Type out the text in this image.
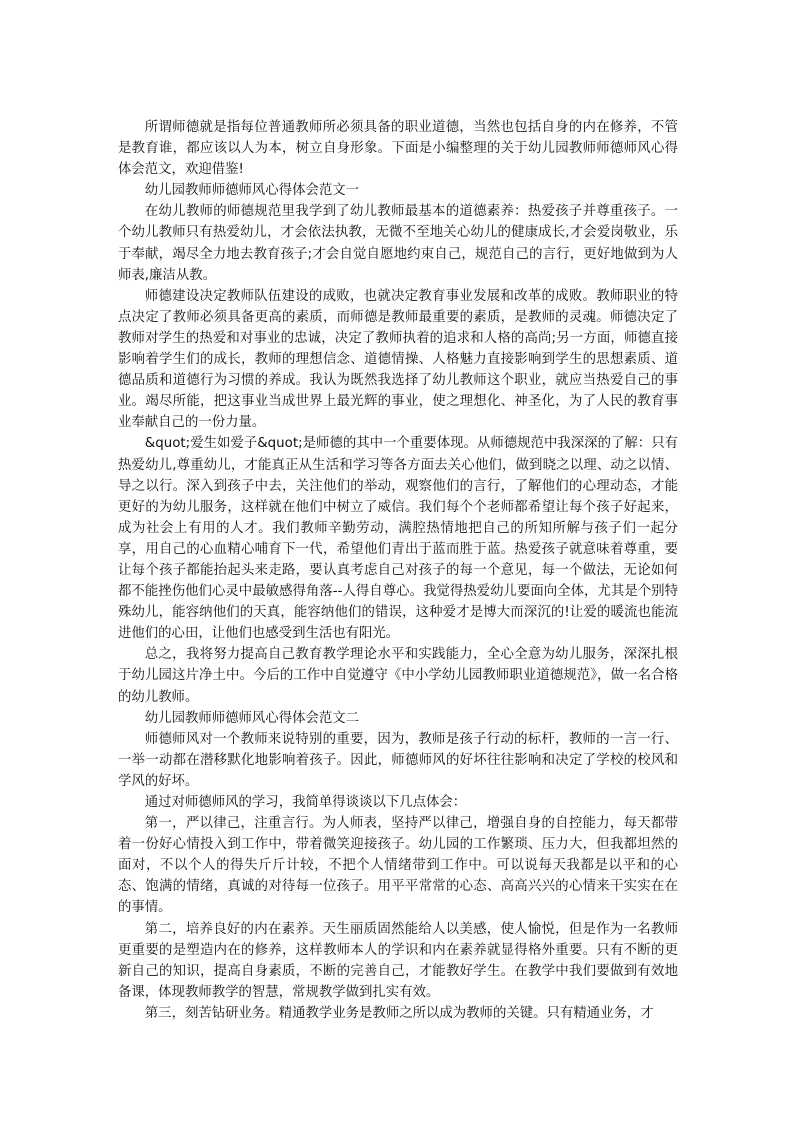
所谓师德就是指每位普通教师所必须具备的职业道德，当然也包括自身的内在修养，不管是教育谁，都应该以人为本，树立自身形象。下面是小编整理的关于幼儿园教师师德师风心得体会范文，欢迎借鉴!

幼儿园教师师德师风心得体会范文一

在幼儿教师的师德规范里我学到了幼儿教师最基本的道德素养：热爱孩子并尊重孩子。一个幼儿教师只有热爱幼儿，才会依法执教，无微不至地关心幼儿的健康成长,才会爱岗敬业，乐于奉献，竭尽全力地去教育孩子;才会自觉自愿地约束自己，规范自己的言行，更好地做到为人师表,廉洁从教。

师德建设决定教师队伍建设的成败，也就决定教育事业发展和改革的成败。教师职业的特点决定了教师必须具备更高的素质，而师德是教师最重要的素质，是教师的灵魂。师德决定了教师对学生的热爱和对事业的忠诚，决定了教师执着的追求和人格的高尚;另一方面，师德直接影响着学生们的成长，教师的理想信念、道德情操、人格魅力直接影响到学生的思想素质、道德品质和道德行为习惯的养成。我认为既然我选择了幼儿教师这个职业，就应当热爱自己的事业。竭尽所能，把这事业当成世界上最光辉的事业，使之理想化、神圣化，为了人民的教育事业奉献自己的一份力量。

&quot;爱生如爱子&quot;是师德的其中一个重要体现。从师德规范中我深深的了解：只有热爱幼儿,尊重幼儿，才能真正从生活和学习等各方面去关心他们，做到晓之以理、动之以情、导之以行。深入到孩子中去，关注他们的举动，观察他们的言行，了解他们的心理动态，才能更好的为幼儿服务，这样就在他们中树立了威信。我们每个个老师都希望让每个孩子好起来，成为社会上有用的人才。我们教师辛勤劳动，满腔热情地把自己的所知所解与孩子们一起分享，用自己的心血精心哺育下一代，希望他们青出于蓝而胜于蓝。热爱孩子就意味着尊重，要让每个孩子都能抬起头来走路，要认真考虑自己对孩子的每一个意见，每一个做法，无论如何都不能挫伤他们心灵中最敏感得角落--人得自尊心。我觉得热爱幼儿要面向全体，尤其是个别特殊幼儿，能容纳他们的天真，能容纳他们的错误，这种爱才是博大而深沉的!让爱的暖流也能流进他们的心田，让他们也感受到生活也有阳光。

总之，我将努力提高自己教育教学理论水平和实践能力，全心全意为幼儿服务，深深扎根于幼儿园这片净土中。今后的工作中自觉遵守《中小学幼儿园教师职业道德规范》，做一名合格的幼儿教师。

幼儿园教师师德师风心得体会范文二

师德师风对一个教师来说特别的重要，因为，教师是孩子行动的标杆，教师的一言一行、一举一动都在潜移默化地影响着孩子。因此，师德师风的好坏往往影响和决定了学校的校风和学风的好坏。

通过对师德师风的学习，我简单得谈谈以下几点体会：

第一，严以律己，注重言行。为人师表，坚持严以律己，增强自身的自控能力，每天都带着一份好心情投入到工作中，带着微笑迎接孩子。幼儿园的工作繁琐、压力大，但我都坦然的面对，不以个人的得失斤斤计较，不把个人情绪带到工作中。可以说每天我都是以平和的心态、饱满的情绪，真诚的对待每一位孩子。用平平常常的心态、高高兴兴的心情来干实实在在的事情。

第二，培养良好的内在素养。天生丽质固然能给人以美感，使人愉悦，但是作为一名教师更重要的是塑造内在的修养，这样教师本人的学识和内在素养就显得格外重要。只有不断的更新自己的知识，提高自身素质，不断的完善自己，才能教好学生。在教学中我们要做到有效地备课，体现教师教学的智慧，常规教学做到扎实有效。

第三，刻苦钻研业务。精通教学业务是教师之所以成为教师的关键。只有精通业务，才
